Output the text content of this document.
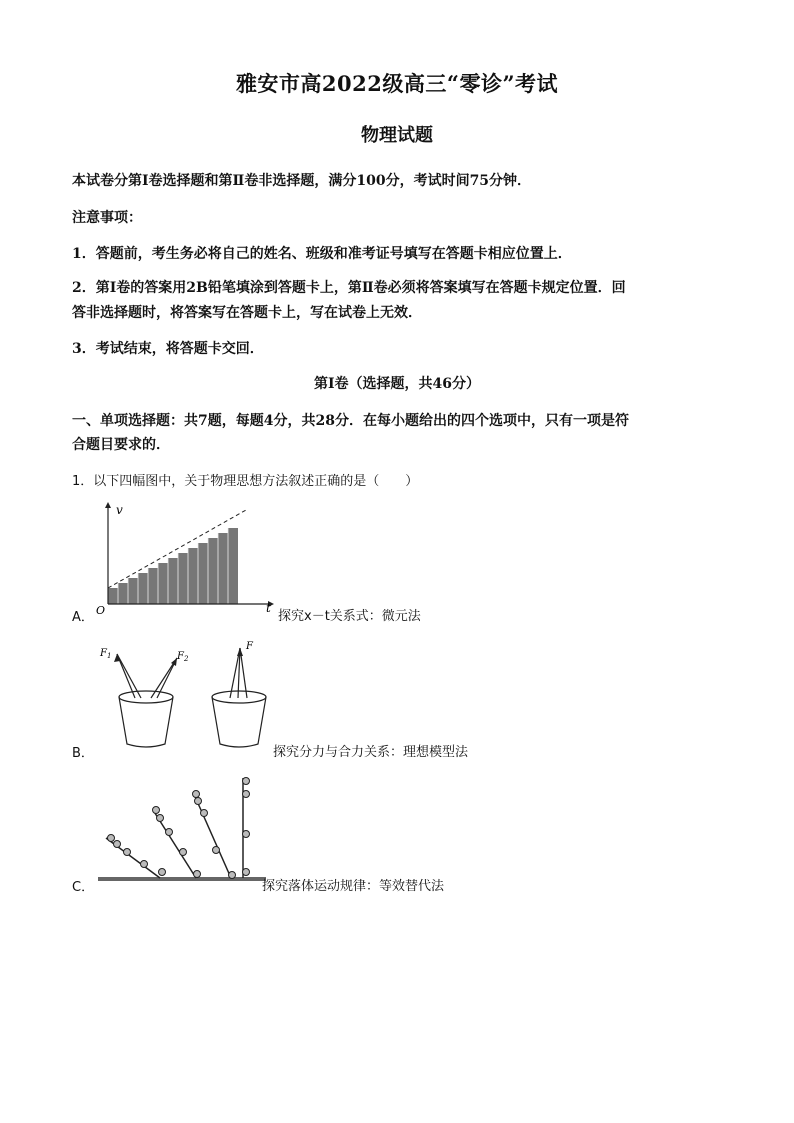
雅安市高2022级高三“零诊”考试
物理试题
本试卷分第Ⅰ卷选择题和第Ⅱ卷非选择题，满分100分，考试时间75分钟．
注意事项：
1．答题前，考生务必将自己的姓名、班级和准考证号填写在答题卡相应位置上．
2．第Ⅰ卷的答案用2B铅笔填涂到答题卡上，第Ⅱ卷必须将答案填写在答题卡规定位置．回
答非选择题时，将答案写在答题卡上，写在试卷上无效．
3．考试结束，将答题卡交回．
第Ⅰ卷（选择题，共46分）
一、单项选择题：共7题，每题4分，共28分．在每小题给出的四个选项中，只有一项是符
合题目要求的．
1．以下四幅图中，关于物理思想方法叙述正确的是（　　）
v
t
O
A．	探究x－t关系式：微元法
$F_1$	$F_2$
F
B．	探究分力与合力关系：理想模型法
C．	探究落体运动规律：等效替代法
